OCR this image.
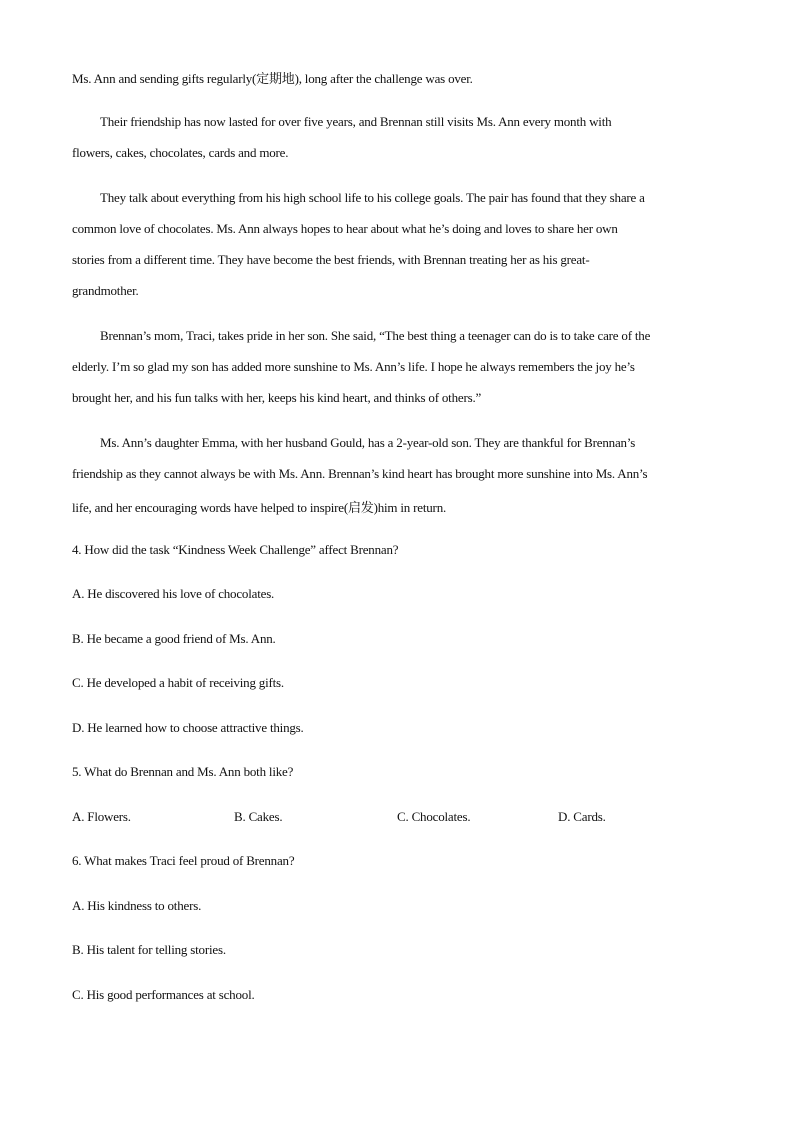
Ms. Ann and sending gifts regularly(定期地), long after the challenge was over.
Their friendship has now lasted for over five years, and Brennan still visits Ms. Ann every month with
flowers, cakes, chocolates, cards and more.
They talk about everything from his high school life to his college goals. The pair has found that they share a
common love of chocolates. Ms. Ann always hopes to hear about what he’s doing and loves to share her own
stories from a different time. They have become the best friends, with Brennan treating her as his great-
grandmother.
Brennan’s mom, Traci, takes pride in her son. She said, “The best thing a teenager can do is to take care of the
elderly. I’m so glad my son has added more sunshine to Ms. Ann’s life. I hope he always remembers the joy he’s
brought her, and his fun talks with her, keeps his kind heart, and thinks of others.”
Ms. Ann’s daughter Emma, with her husband Gould, has a 2-year-old son. They are thankful for Brennan’s
friendship as they cannot always be with Ms. Ann. Brennan’s kind heart has brought more sunshine into Ms. Ann’s
life, and her encouraging words have helped to inspire(启发)him in return.
4. How did the task “Kindness Week Challenge” affect Brennan?
A. He discovered his love of chocolates.
B. He became a good friend of Ms. Ann.
C. He developed a habit of receiving gifts.
D. He learned how to choose attractive things.
5. What do Brennan and Ms. Ann both like?
A. Flowers.	B. Cakes.	C. Chocolates.	D. Cards.
6. What makes Traci feel proud of Brennan?
A. His kindness to others.
B. His talent for telling stories.
C. His good performances at school.
